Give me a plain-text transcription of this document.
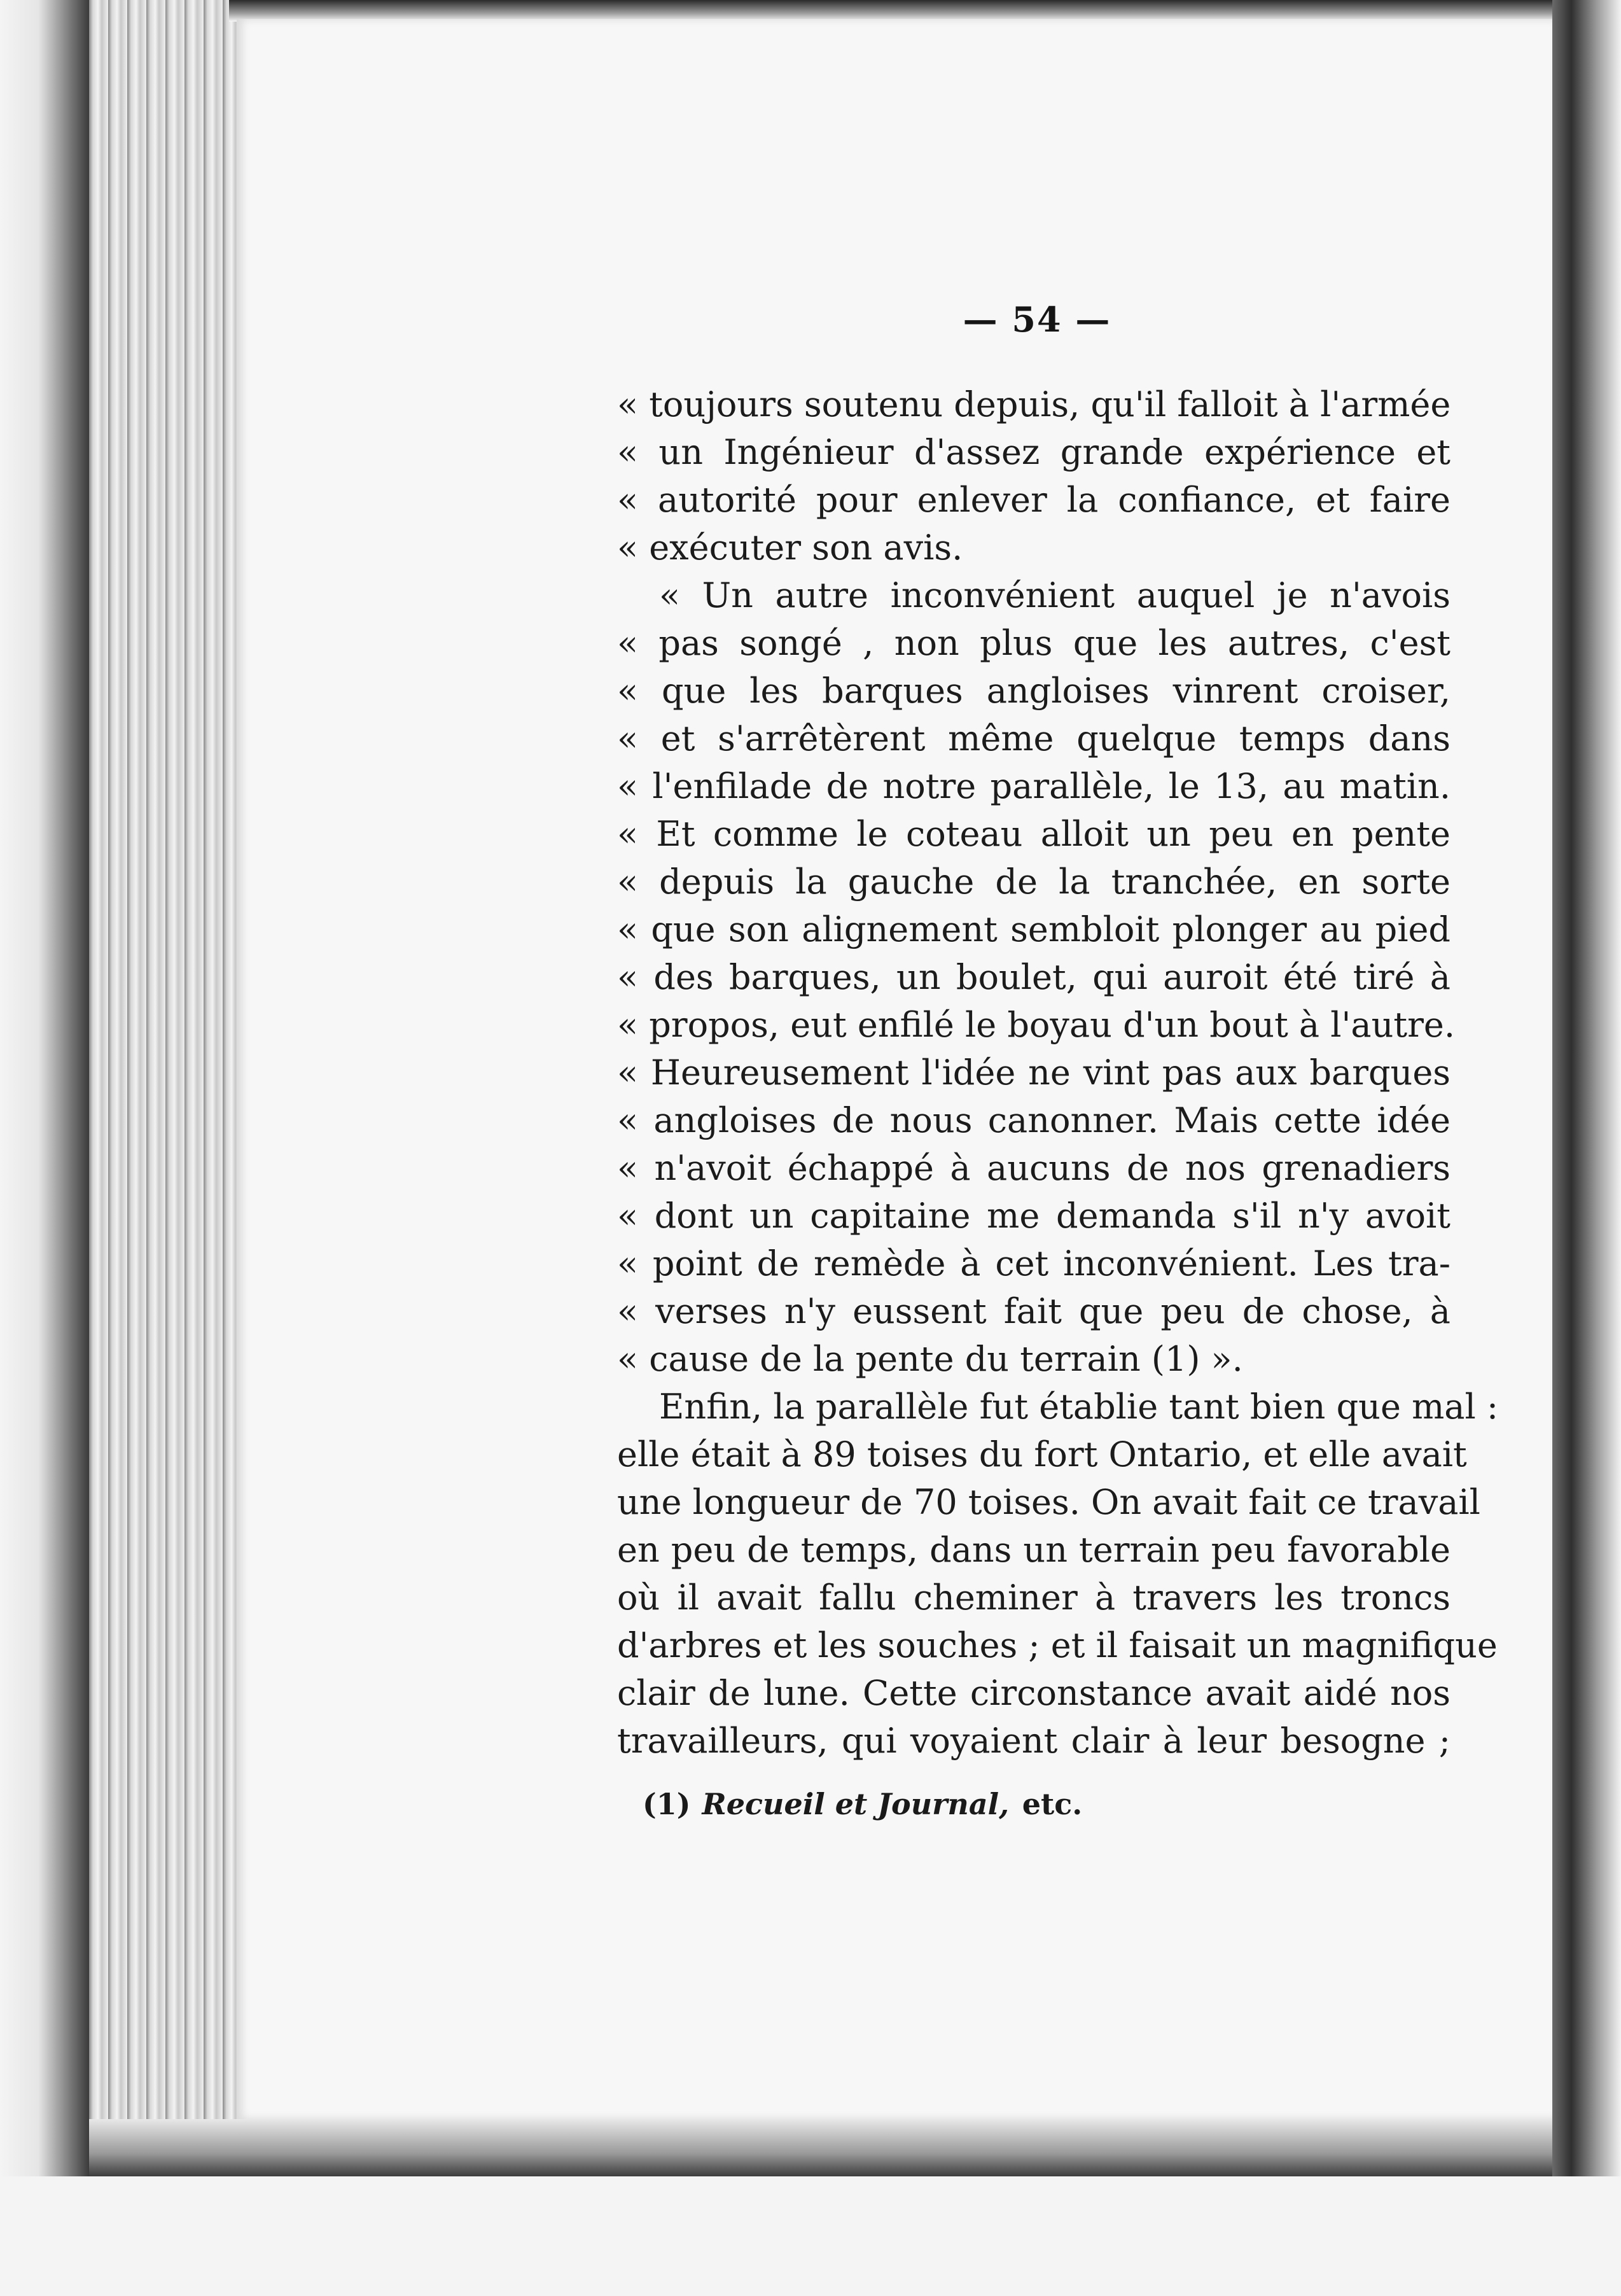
— 54 —
« toujours soutenu depuis, qu'il falloit à l'armée
« un Ingénieur d'assez grande expérience et
« autorité pour enlever la confiance, et faire
« exécuter son avis.
« Un autre inconvénient auquel je n'avois
« pas songé , non plus que les autres, c'est
« que les barques angloises vinrent croiser,
« et s'arrêtèrent même quelque temps dans
« l'enfilade de notre parallèle, le 13, au matin.
« Et comme le coteau alloit un peu en pente
« depuis la gauche de la tranchée, en sorte
« que son alignement sembloit plonger au pied
« des barques, un boulet, qui auroit été tiré à
« propos, eut enfilé le boyau d'un bout à l'autre.
« Heureusement l'idée ne vint pas aux barques
« angloises de nous canonner. Mais cette idée
« n'avoit échappé à aucuns de nos grenadiers
« dont un capitaine me demanda s'il n'y avoit
« point de remède à cet inconvénient. Les tra-
« verses n'y eussent fait que peu de chose, à
« cause de la pente du terrain (1) ».
Enfin, la parallèle fut établie tant bien que mal :
elle était à 89 toises du fort Ontario, et elle avait
une longueur de 70 toises. On avait fait ce travail
en peu de temps, dans un terrain peu favorable
où il avait fallu cheminer à travers les troncs
d'arbres et les souches ; et il faisait un magnifique
clair de lune. Cette circonstance avait aidé nos
travailleurs, qui voyaient clair à leur besogne ;
(1) Recueil et Journal, etc.
